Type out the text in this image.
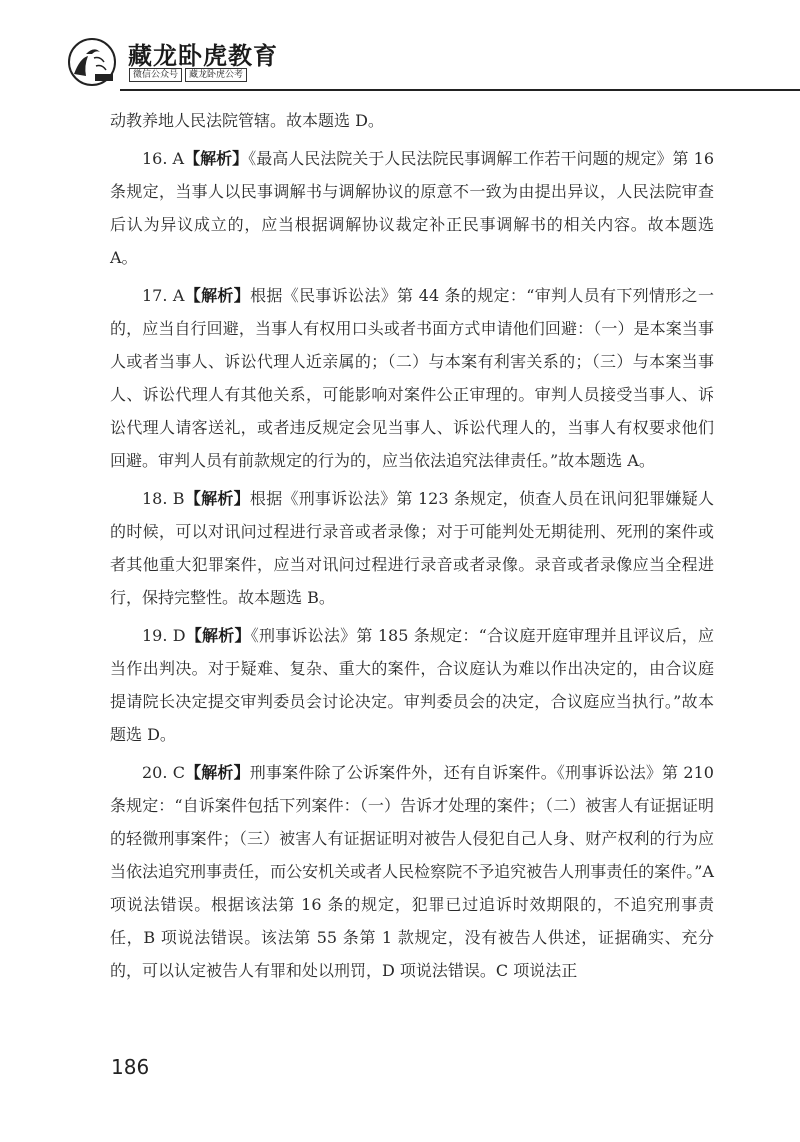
藏龙卧虎教育
微信公众号 藏龙卧虎公考

动教养地人民法院管辖。故本题选 D。

16. A【解析】《最高人民法院关于人民法院民事调解工作若干问题的规定》第 16 条规定，当事人以民事调解书与调解协议的原意不一致为由提出异议，人民法院审查后认为异议成立的，应当根据调解协议裁定补正民事调解书的相关内容。故本题选 A。

17. A【解析】根据《民事诉讼法》第 44 条的规定：“审判人员有下列情形之一的，应当自行回避，当事人有权用口头或者书面方式申请他们回避：（一）是本案当事人或者当事人、诉讼代理人近亲属的；（二）与本案有利害关系的；（三）与本案当事人、诉讼代理人有其他关系，可能影响对案件公正审理的。审判人员接受当事人、诉讼代理人请客送礼，或者违反规定会见当事人、诉讼代理人的，当事人有权要求他们回避。审判人员有前款规定的行为的，应当依法追究法律责任。”故本题选 A。

18. B【解析】根据《刑事诉讼法》第 123 条规定，侦查人员在讯问犯罪嫌疑人的时候，可以对讯问过程进行录音或者录像；对于可能判处无期徒刑、死刑的案件或者其他重大犯罪案件，应当对讯问过程进行录音或者录像。录音或者录像应当全程进行，保持完整性。故本题选 B。

19. D【解析】《刑事诉讼法》第 185 条规定：“合议庭开庭审理并且评议后，应当作出判决。对于疑难、复杂、重大的案件，合议庭认为难以作出决定的，由合议庭提请院长决定提交审判委员会讨论决定。审判委员会的决定，合议庭应当执行。”故本题选 D。

20. C【解析】刑事案件除了公诉案件外，还有自诉案件。《刑事诉讼法》第 210 条规定：“自诉案件包括下列案件：（一）告诉才处理的案件；（二）被害人有证据证明的轻微刑事案件；（三）被害人有证据证明对被告人侵犯自己人身、财产权利的行为应当依法追究刑事责任，而公安机关或者人民检察院不予追究被告人刑事责任的案件。”A 项说法错误。根据该法第 16 条的规定，犯罪已过追诉时效期限的，不追究刑事责任，B 项说法错误。该法第 55 条第 1 款规定，没有被告人供述，证据确实、充分的，可以认定被告人有罪和处以刑罚，D 项说法错误。C 项说法正

186
